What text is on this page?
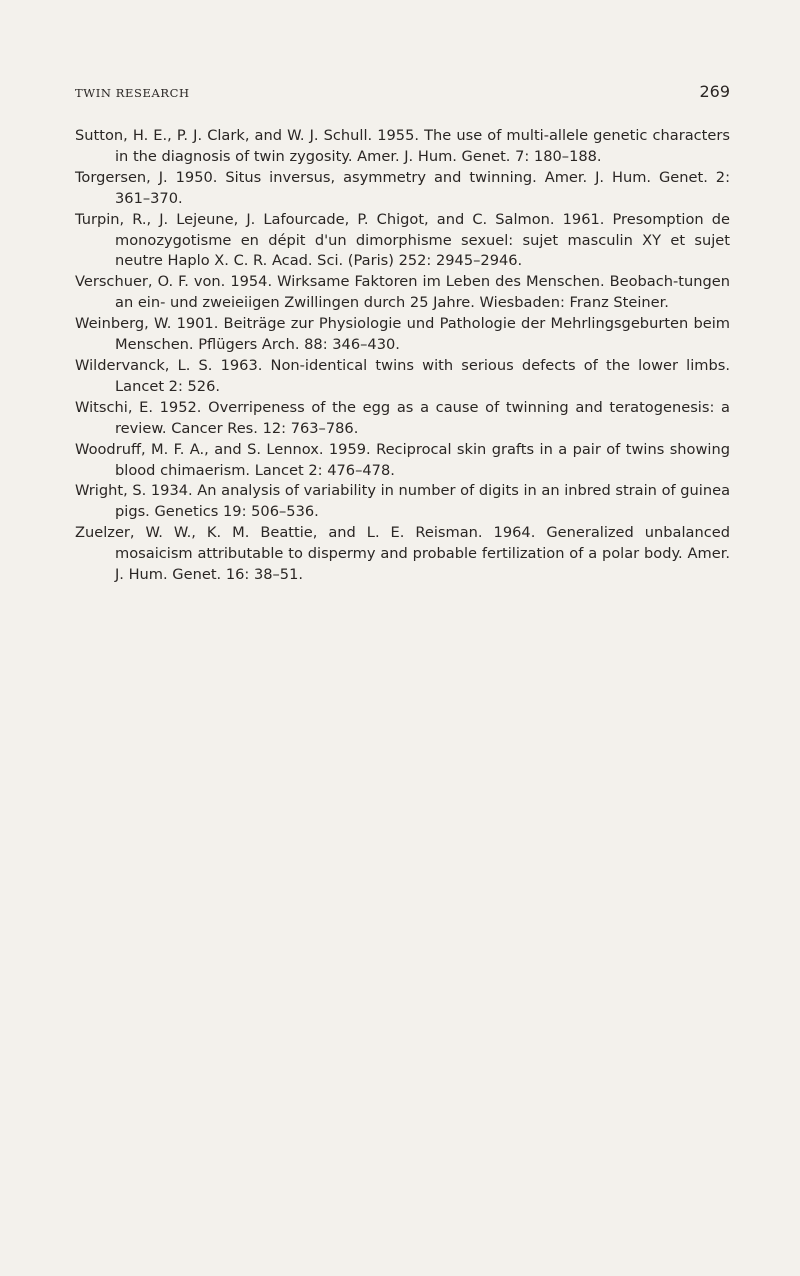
TWIN RESEARCH	269
Sutton, H. E., P. J. Clark, and W. J. Schull. 1955. The use of multi-allele genetic characters in the diagnosis of twin zygosity. Amer. J. Hum. Genet. 7: 180–188.
Torgersen, J. 1950. Situs inversus, asymmetry and twinning. Amer. J. Hum. Genet. 2: 361–370.
Turpin, R., J. Lejeune, J. Lafourcade, P. Chigot, and C. Salmon. 1961. Presomption de monozygotisme en dépit d'un dimorphisme sexuel: sujet masculin XY et sujet neutre Haplo X. C. R. Acad. Sci. (Paris) 252: 2945–2946.
Verschuer, O. F. von. 1954. Wirksame Faktoren im Leben des Menschen. Beobach-tungen an ein- und zweieiigen Zwillingen durch 25 Jahre. Wiesbaden: Franz Steiner.
Weinberg, W. 1901. Beiträge zur Physiologie und Pathologie der Mehrlingsgeburten beim Menschen. Pflügers Arch. 88: 346–430.
Wildervanck, L. S. 1963. Non-identical twins with serious defects of the lower limbs. Lancet 2: 526.
Witschi, E. 1952. Overripeness of the egg as a cause of twinning and teratogenesis: a review. Cancer Res. 12: 763–786.
Woodruff, M. F. A., and S. Lennox. 1959. Reciprocal skin grafts in a pair of twins showing blood chimaerism. Lancet 2: 476–478.
Wright, S. 1934. An analysis of variability in number of digits in an inbred strain of guinea pigs. Genetics 19: 506–536.
Zuelzer, W. W., K. M. Beattie, and L. E. Reisman. 1964. Generalized unbalanced mosaicism attributable to dispermy and probable fertilization of a polar body. Amer. J. Hum. Genet. 16: 38–51.
